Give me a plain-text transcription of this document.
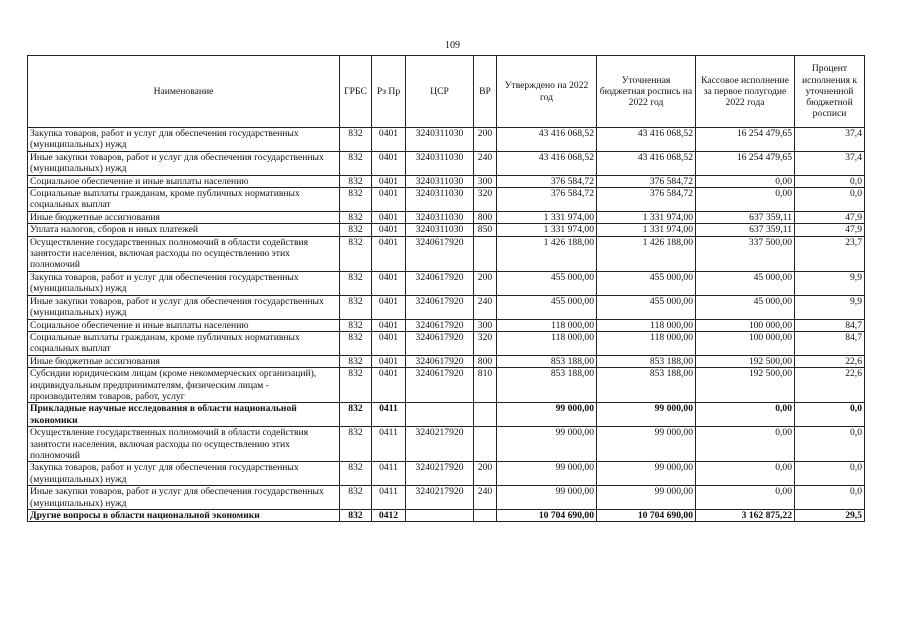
109
Наименование	ГРБС	Рз Пр	ЦСР	ВР	Утверждено на 2022 год	Уточненная бюджетная роспись на 2022 год	Кассовое исполнение за первое полугодие 2022 года	Процент исполнения к уточненной бюджетной росписи
Закупка товаров, работ и услуг для обеспечения государственных (муниципальных) нужд	832	0401	3240311030	200	43 416 068,52	43 416 068,52	16 254 479,65	37,4
Иные закупки товаров, работ и услуг для обеспечения государственных (муниципальных) нужд	832	0401	3240311030	240	43 416 068,52	43 416 068,52	16 254 479,65	37,4
Социальное обеспечение и иные выплаты населению	832	0401	3240311030	300	376 584,72	376 584,72	0,00	0,0
Социальные выплаты гражданам, кроме публичных нормативных социальных выплат	832	0401	3240311030	320	376 584,72	376 584,72	0,00	0,0
Иные бюджетные ассигнования	832	0401	3240311030	800	1 331 974,00	1 331 974,00	637 359,11	47,9
Уплата налогов, сборов и иных платежей	832	0401	3240311030	850	1 331 974,00	1 331 974,00	637 359,11	47,9
Осуществление государственных полномочий в области содействия занятости населения, включая расходы по осуществлению этих полномочий	832	0401	3240617920		1 426 188,00	1 426 188,00	337 500,00	23,7
Закупка товаров, работ и услуг для обеспечения государственных (муниципальных) нужд	832	0401	3240617920	200	455 000,00	455 000,00	45 000,00	9,9
Иные закупки товаров, работ и услуг для обеспечения государственных (муниципальных) нужд	832	0401	3240617920	240	455 000,00	455 000,00	45 000,00	9,9
Социальное обеспечение и иные выплаты населению	832	0401	3240617920	300	118 000,00	118 000,00	100 000,00	84,7
Социальные выплаты гражданам, кроме публичных нормативных социальных выплат	832	0401	3240617920	320	118 000,00	118 000,00	100 000,00	84,7
Иные бюджетные ассигнования	832	0401	3240617920	800	853 188,00	853 188,00	192 500,00	22,6
Субсидии юридическим лицам (кроме некоммерческих организаций), индивидуальным предпринимателям, физическим лицам - производителям товаров, работ, услуг	832	0401	3240617920	810	853 188,00	853 188,00	192 500,00	22,6
Прикладные научные исследования в области национальной экономики	832	0411			99 000,00	99 000,00	0,00	0,0
Осуществление государственных полномочий в области содействия занятости населения, включая расходы по осуществлению этих полномочий	832	0411	3240217920		99 000,00	99 000,00	0,00	0,0
Закупка товаров, работ и услуг для обеспечения государственных (муниципальных) нужд	832	0411	3240217920	200	99 000,00	99 000,00	0,00	0,0
Иные закупки товаров, работ и услуг для обеспечения государственных (муниципальных) нужд	832	0411	3240217920	240	99 000,00	99 000,00	0,00	0,0
Другие вопросы в области национальной экономики	832	0412			10 704 690,00	10 704 690,00	3 162 875,22	29,5
